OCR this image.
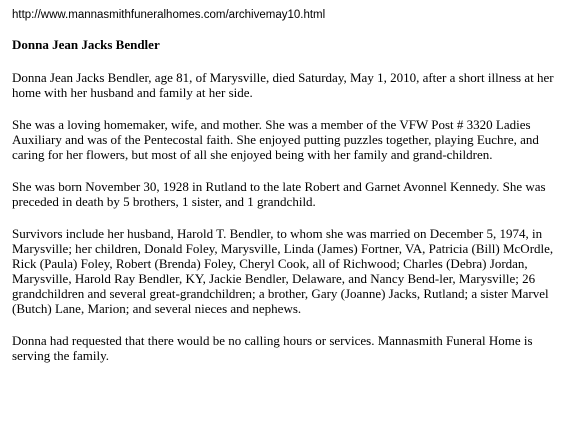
http://www.mannasmithfuneralhomes.com/archivemay10.html

Donna Jean Jacks Bendler

Donna Jean Jacks Bendler, age 81, of Marysville, died Saturday, May 1, 2010, after a short illness at her home with her husband and family at her side.

She was a loving homemaker, wife, and mother. She was a member of the VFW Post # 3320 Ladies Auxiliary and was of the Pentecostal faith. She enjoyed putting puzzles together, playing Euchre, and caring for her flowers, but most of all she enjoyed being with her family and grand-children.

She was born November 30, 1928 in Rutland to the late Robert and Garnet Avonnel Kennedy. She was preceded in death by 5 brothers, 1 sister, and 1 grandchild.

Survivors include her husband, Harold T. Bendler, to whom she was married on December 5, 1974, in Marysville; her children, Donald Foley, Marysville, Linda (James) Fortner, VA, Patricia (Bill) McOrdle, Rick (Paula) Foley, Robert (Brenda) Foley, Cheryl Cook, all of Richwood; Charles (Debra) Jordan, Marysville, Harold Ray Bendler, KY, Jackie Bendler, Delaware, and Nancy Bend-ler, Marysville; 26 grandchildren and several great-grandchildren; a brother, Gary (Joanne) Jacks, Rutland; a sister Marvel (Butch) Lane, Marion; and several nieces and nephews.

Donna had requested that there would be no calling hours or services. Mannasmith Funeral Home is serving the family.
